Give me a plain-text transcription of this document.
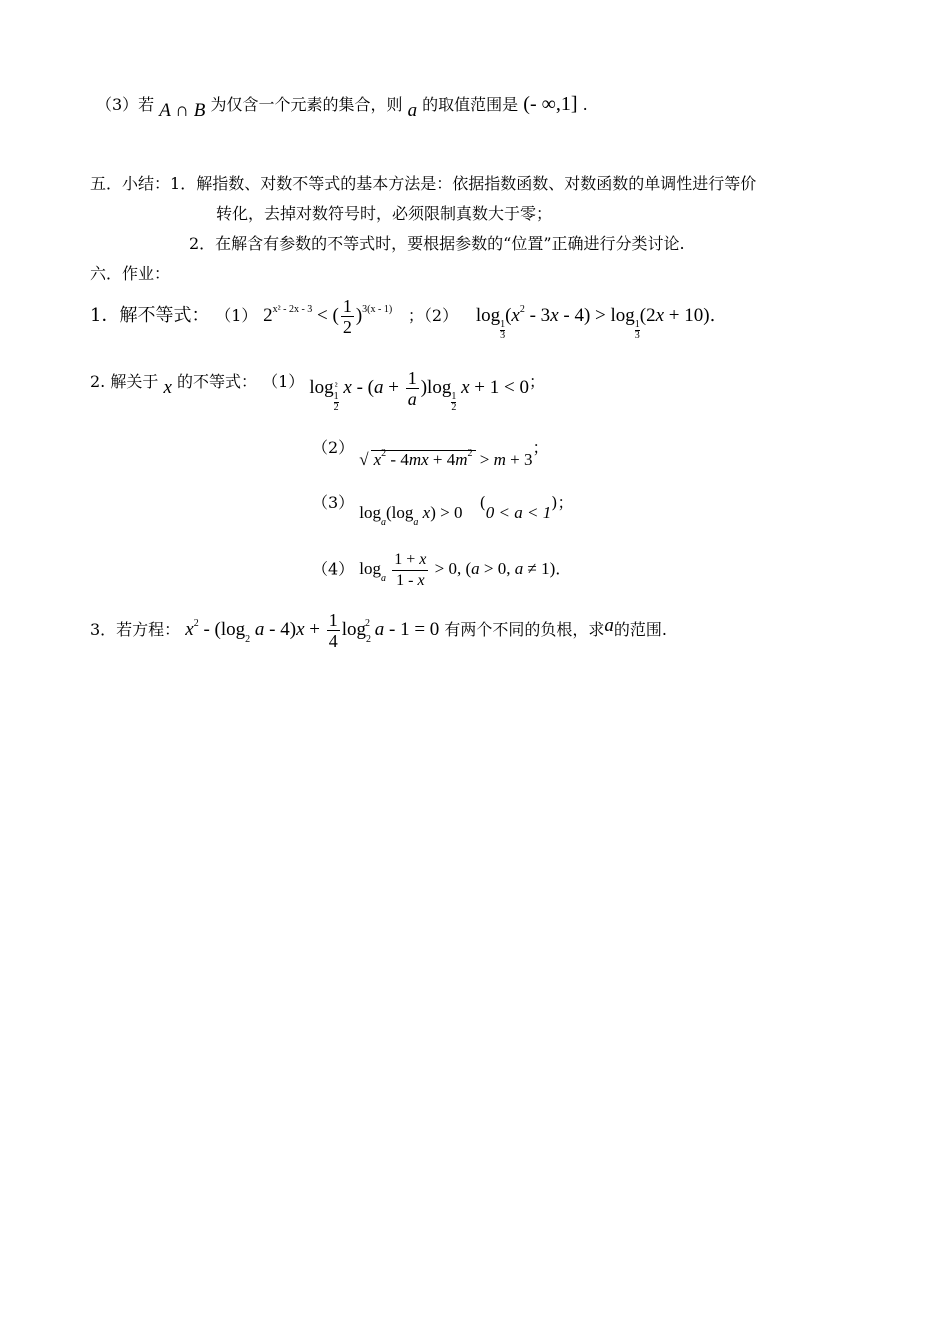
（3）若 A ∩ B 为仅含一个元素的集合，则 a 的取值范围是 (- ∞,1] .
五．小结：1．解指数、对数不等式的基本方法是：依据指数函数、对数函数的单调性进行等价
转化，去掉对数符号时，必须限制真数大于零；
2．在解含有参数的不等式时，要根据参数的“位置”正确进行分类讨论.
六．作业：
1．解不等式： （1） $2^{x^2 - 2x - 3}$ < ( $\frac{1}{2} )^{3(x - 1)}$ ；（2） $\log\frac{1}{3}$
$(x^2 - 3x - 4) > \log\frac{1}{3}$
(2x + 10).
2. 解关于 x 的不等式： （1） log²
$\frac{1}{2}$
$x - (a + \frac{1}{a} )\log\frac{1}{2}$
x + 1 < 0；
（2） √ $x^2 - 4mx + 4m^2 > m + 3$；
（3） $\log_a(\log_a$ x) > 0 (0 < a < 1)；
（4） $\log_a \frac{1 + x}{1 - x} > 0$, (a > 0, a ≠ 1).
3．若方程： $x^2 - (\log_2$ $a - 4)x + \frac{1}{4} \log_2^2 a - 1 = 0$ 有两个不同的负根，求a的范围.
